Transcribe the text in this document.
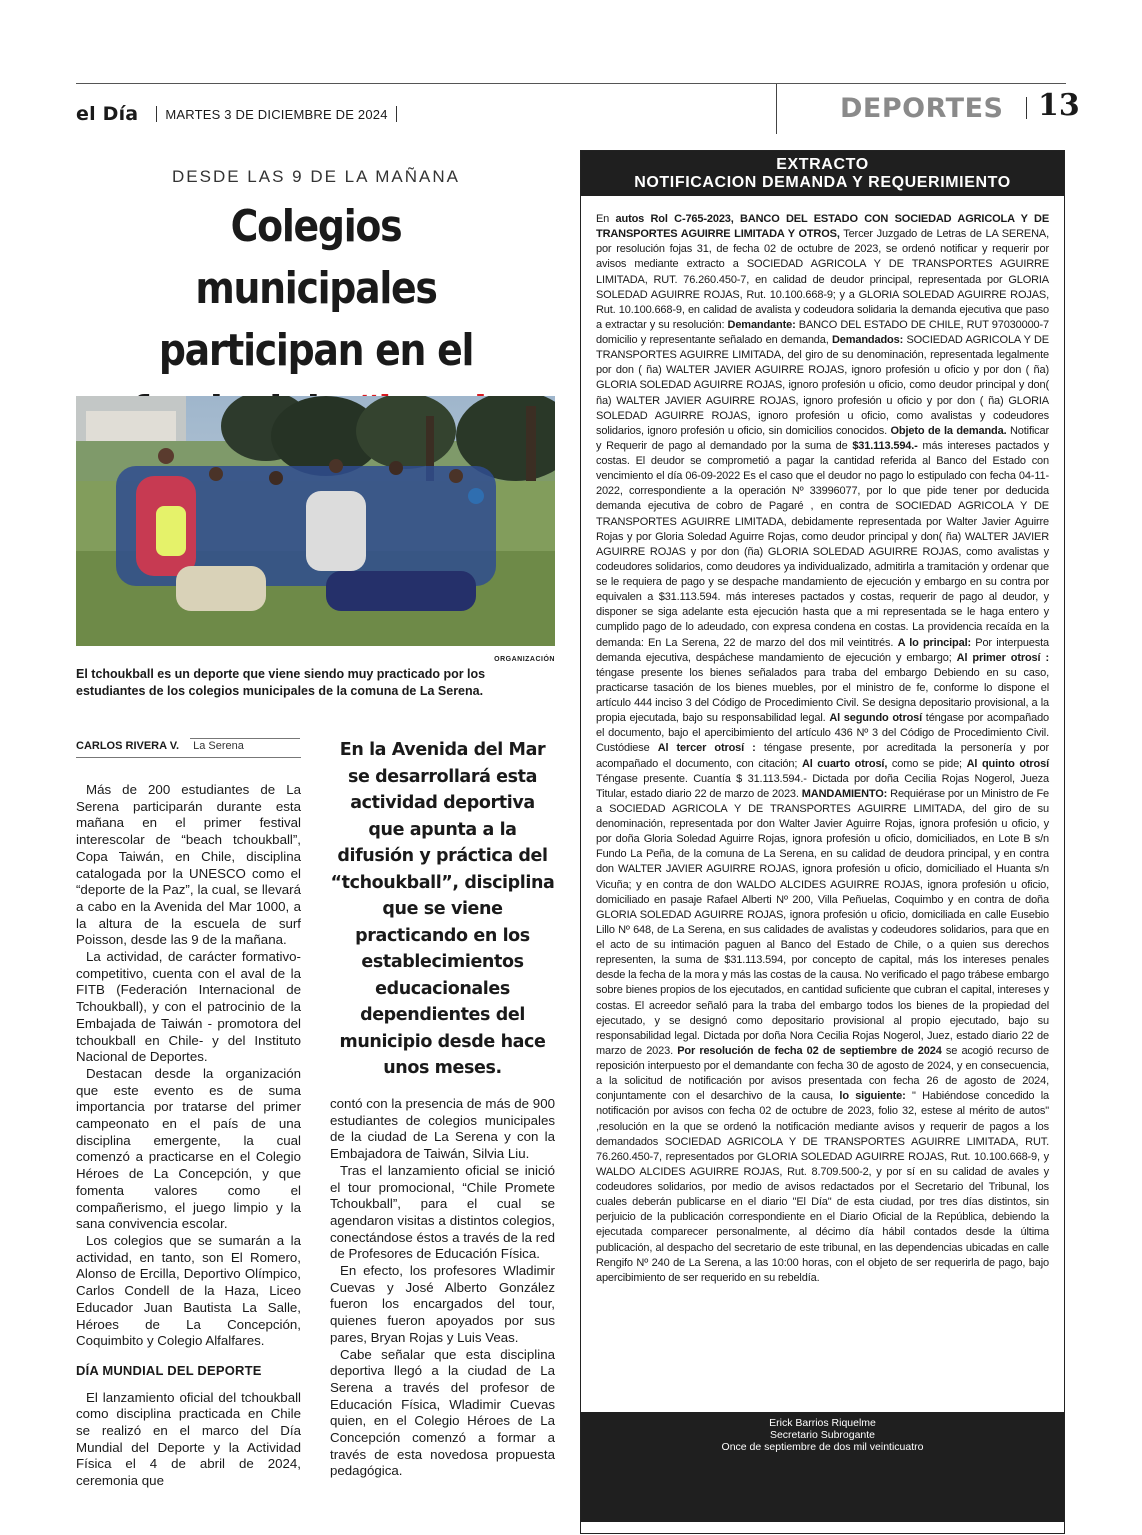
el Día MARTES 3 DE DICIEMBRE DE 2024	DEPORTES 13
DESDE LAS 9 DE LA MAÑANA
Colegios municipales participan en el
ORGANIZACIÓN
El tchoukball es un deporte que viene siendo muy practicado por los estudiantes de los colegios municipales de la comuna de La Serena.
CARLOS RIVERA V. La Serena

Más de 200 estudiantes de La Serena participarán durante esta mañana en el primer festival interescolar de “beach tchoukball”, Copa Taiwán, en Chile, disciplina catalogada por la UNESCO como el “deporte de la Paz”, la cual, se llevará a cabo en la Avenida del Mar 1000, a la altura de la escuela de surf Poisson, desde las 9 de la mañana.

La actividad, de carácter formativo-competitivo, cuenta con el aval de la FITB (Federación Internacional de Tchoukball), y con el patrocinio de la Embajada de Taiwán - promotora del tchoukball en Chile- y del Instituto Nacional de Deportes.

Destacan desde la organización que este evento es de suma importancia por tratarse del primer campeonato en el país de una disciplina emergente, la cual comenzó a practicarse en el Colegio Héroes de La Concepción, y que fomenta valores como el compañerismo, el juego limpio y la sana convivencia escolar.

Los colegios que se sumarán a la actividad, en tanto, son El Romero, Alonso de Ercilla, Deportivo Olímpico, Carlos Condell de la Haza, Liceo Educador Juan Bautista La Salle, Héroes de La Concepción, Coquimbito y Colegio Alfalfares.

DÍA MUNDIAL DEL DEPORTE

El lanzamiento oficial del tchoukball como disciplina practicada en Chile se realizó en el marco del Día Mundial del Deporte y la Actividad Física el 4 de abril de 2024, ceremonia que

En la Avenida del Mar se desarrollará esta actividad deportiva que apunta a la difusión y práctica del “tchoukball”, disciplina que se viene practicando en los establecimientos educacionales dependientes del municipio desde hace unos meses.

contó con la presencia de más de 900 estudiantes de colegios municipales de la ciudad de La Serena y con la Embajadora de Taiwán, Silvia Liu.

Tras el lanzamiento oficial se inició el tour promocional, “Chile Promete Tchoukball”, para el cual se agendaron visitas a distintos colegios, conectándose éstos a través de la red de Profesores de Educación Física.

En efecto, los profesores Wladimir Cuevas y José Alberto González fueron los encargados del tour, quienes fueron apoyados por sus pares, Bryan Rojas y Luis Veas.

Cabe señalar que esta disciplina deportiva llegó a la ciudad de La Serena a través del profesor de Educación Física, Wladimir Cuevas quien, en el Colegio Héroes de La Concepción comenzó a formar a través de esta novedosa propuesta pedagógica.

EXTRACTO
NOTIFICACION DEMANDA Y REQUERIMIENTO
En autos Rol C-765-2023, BANCO DEL ESTADO CON SOCIEDAD AGRICOLA Y DE TRANSPORTES AGUIRRE LIMITADA Y OTROS, Tercer Juzgado de Letras de LA SERENA, por resolución fojas 31, de fecha 02 de octubre de 2023, se ordenó notificar y requerir por avisos mediante extracto a SOCIEDAD AGRICOLA Y DE TRANSPORTES AGUIRRE LIMITADA, RUT. 76.260.450-7, en calidad de deudor principal, representada por GLORIA SOLEDAD AGUIRRE ROJAS, Rut. 10.100.668-9; y a GLORIA SOLEDAD AGUIRRE ROJAS, Rut. 10.100.668-9, en calidad de avalista y codeudora solidaria la demanda ejecutiva que paso a extractar y su resolución: Demandante: BANCO DEL ESTADO DE CHILE, RUT 97030000-7 domicilio y representante señalado en demanda, Demandados: SOCIEDAD AGRICOLA Y DE TRANSPORTES AGUIRRE LIMITADA, del giro de su denominación, representada legalmente por don ( ña) WALTER JAVIER AGUIRRE ROJAS, ignoro profesión u oficio y por don ( ña) GLORIA SOLEDAD AGUIRRE ROJAS, ignoro profesión u oficio, como deudor principal y don( ña) WALTER JAVIER AGUIRRE ROJAS, ignoro profesión u oficio y por don ( ña) GLORIA SOLEDAD AGUIRRE ROJAS, ignoro profesión u oficio, como avalistas y codeudores solidarios, ignoro profesión u oficio, sin domicilios conocidos. Objeto de la demanda. Notificar y Requerir de pago al demandado por la suma de $31.113.594.- más intereses pactados y costas. El deudor se comprometió a pagar la cantidad referida al Banco del Estado con vencimiento el día 06-09-2022 Es el caso que el deudor no pago lo estipulado con fecha 04-11-2022, correspondiente a la operación Nº 33996077, por lo que pide tener por deducida demanda ejecutiva de cobro de Pagaré , en contra de SOCIEDAD AGRICOLA Y DE TRANSPORTES AGUIRRE LIMITADA, debidamente representada por Walter Javier Aguirre Rojas y por Gloria Soledad Aguirre Rojas, como deudor principal y don( ña) WALTER JAVIER AGUIRRE ROJAS y por don (ña) GLORIA SOLEDAD AGUIRRE ROJAS, como avalistas y codeudores solidarios, como deudores ya individualizado, admitirla a tramitación y ordenar que se le requiera de pago y se despache mandamiento de ejecución y embargo en su contra por equivalen a $31.113.594. más intereses pactados y costas, requerir de pago al deudor, y disponer se siga adelante esta ejecución hasta que a mi representada se le haga entero y cumplido pago de lo adeudado, con expresa condena en costas. La providencia recaída en la demanda: En La Serena, 22 de marzo del dos mil veintitrés. A lo principal: Por interpuesta demanda ejecutiva, despáchese mandamiento de ejecución y embargo; Al primer otrosí : téngase presente los bienes señalados para traba del embargo Debiendo en su caso, practicarse tasación de los bienes muebles, por el ministro de fe, conforme lo dispone el artículo 444 inciso 3 del Código de Procedimiento Civil. Se designa depositario provisional, a la propia ejecutada, bajo su responsabilidad legal. Al segundo otrosí téngase por acompañado el documento, bajo el apercibimiento del artículo 436 Nº 3 del Código de Procedimiento Civil. Custódiese Al tercer otrosí : téngase presente, por acreditada la personería y por acompañado el documento, con citación; Al cuarto otrosí, como se pide; Al quinto otrosí Téngase presente. Cuantía $ 31.113.594.- Dictada por doña Cecilia Rojas Nogerol, Jueza Titular, estado diario 22 de marzo de 2023. MANDAMIENTO: Requiérase por un Ministro de Fe a SOCIEDAD AGRICOLA Y DE TRANSPORTES AGUIRRE LIMITADA, del giro de su denominación, representada por don Walter Javier Aguirre Rojas, ignora profesión u oficio, y por doña Gloria Soledad Aguirre Rojas, ignora profesión u oficio, domiciliados, en Lote B s/n Fundo La Peña, de la comuna de La Serena, en su calidad de deudora principal, y en contra don WALTER JAVIER AGUIRRE ROJAS, ignora profesión u oficio, domiciliado el Huanta s/n Vicuña; y en contra de don WALDO ALCIDES AGUIRRE ROJAS, ignora profesión u oficio, domiciliado en pasaje Rafael Alberti Nº 200, Villa Peñuelas, Coquimbo y en contra de doña GLORIA SOLEDAD AGUIRRE ROJAS, ignora profesión u oficio, domiciliada en calle Eusebio Lillo Nº 648, de La Serena, en sus calidades de avalistas y codeudores solidarios, para que en el acto de su intimación paguen al Banco del Estado de Chile, o a quien sus derechos representen, la suma de $31.113.594, por concepto de capital, más los intereses penales desde la fecha de la mora y más las costas de la causa. No verificado el pago trábese embargo sobre bienes propios de los ejecutados, en cantidad suficiente que cubran el capital, intereses y costas. El acreedor señaló para la traba del embargo todos los bienes de la propiedad del ejecutado, y se designó como depositario provisional al propio ejecutado, bajo su responsabilidad legal. Dictada por doña Nora Cecilia Rojas Nogerol, Juez, estado diario 22 de marzo de 2023. Por resolución de fecha 02 de septiembre de 2024 se acogió recurso de reposición interpuesto por el demandante con fecha 30 de agosto de 2024, y en consecuencia, a la solicitud de notificación por avisos presentada con fecha 26 de agosto de 2024, conjuntamente con el desarchivo de la causa, lo siguiente: " Habiéndose concedido la notificación por avisos con fecha 02 de octubre de 2023, folio 32, estese al mérito de autos" ,resolución en la que se ordenó la notificación mediante avisos y requerir de pagos a los demandados SOCIEDAD AGRICOLA Y DE TRANSPORTES AGUIRRE LIMITADA, RUT. 76.260.450-7, representados por GLORIA SOLEDAD AGUIRRE ROJAS, Rut. 10.100.668-9, y WALDO ALCIDES AGUIRRE ROJAS, Rut. 8.709.500-2, y por sí en su calidad de avales y codeudores solidarios, por medio de avisos redactados por el Secretario del Tribunal, los cuales deberán publicarse en el diario "El Día" de esta ciudad, por tres días distintos, sin perjuicio de la publicación correspondiente en el Diario Oficial de la República, debiendo la ejecutada comparecer personalmente, al décimo día hábil contados desde la última publicación, al despacho del secretario de este tribunal, en las dependencias ubicadas en calle Rengifo Nº 240 de La Serena, a las 10:00 horas, con el objeto de ser requerirla de pago, bajo apercibimiento de ser requerido en su rebeldía.
Erick Barrios Riquelme
Secretario Subrogante
Once de septiembre de dos mil veinticuatro
